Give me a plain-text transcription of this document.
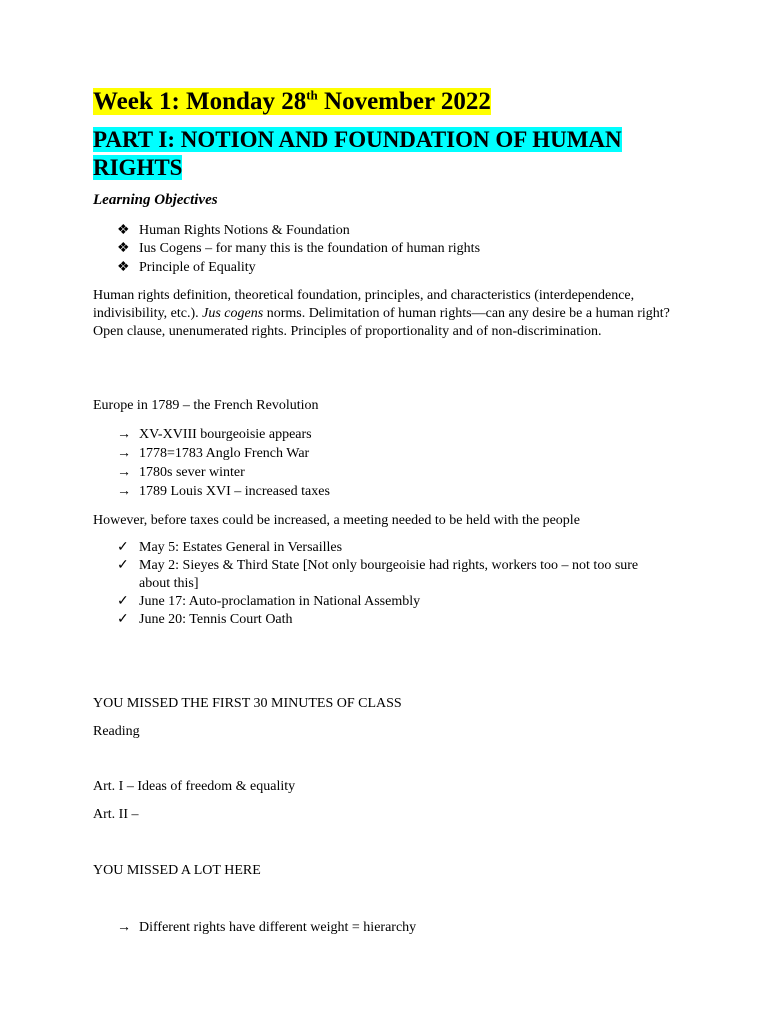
Week 1: Monday 28th November 2022
PART I: NOTION AND FOUNDATION OF HUMAN
RIGHTS
Learning Objectives
❖ Human Rights Notions & Foundation
❖ Ius Cogens – for many this is the foundation of human rights
❖ Principle of Equality
Human rights definition, theoretical foundation, principles, and characteristics (interdependence, indivisibility, etc.). Jus cogens norms. Delimitation of human rights—can any desire be a human right? Open clause, unenumerated rights. Principles of proportionality and of non-discrimination.
Europe in 1789 – the French Revolution
→ XV-XVIII bourgeoisie appears
→ 1778=1783 Anglo French War
→ 1780s sever winter
→ 1789 Louis XVI – increased taxes
However, before taxes could be increased, a meeting needed to be held with the people
✓ May 5: Estates General in Versailles
✓ May 2: Sieyes & Third State [Not only bourgeoisie had rights, workers too – not too sure about this]
✓ June 17: Auto-proclamation in National Assembly
✓ June 20: Tennis Court Oath
YOU MISSED THE FIRST 30 MINUTES OF CLASS
Reading
Art. I – Ideas of freedom & equality
Art. II –
YOU MISSED A LOT HERE
→ Different rights have different weight = hierarchy
